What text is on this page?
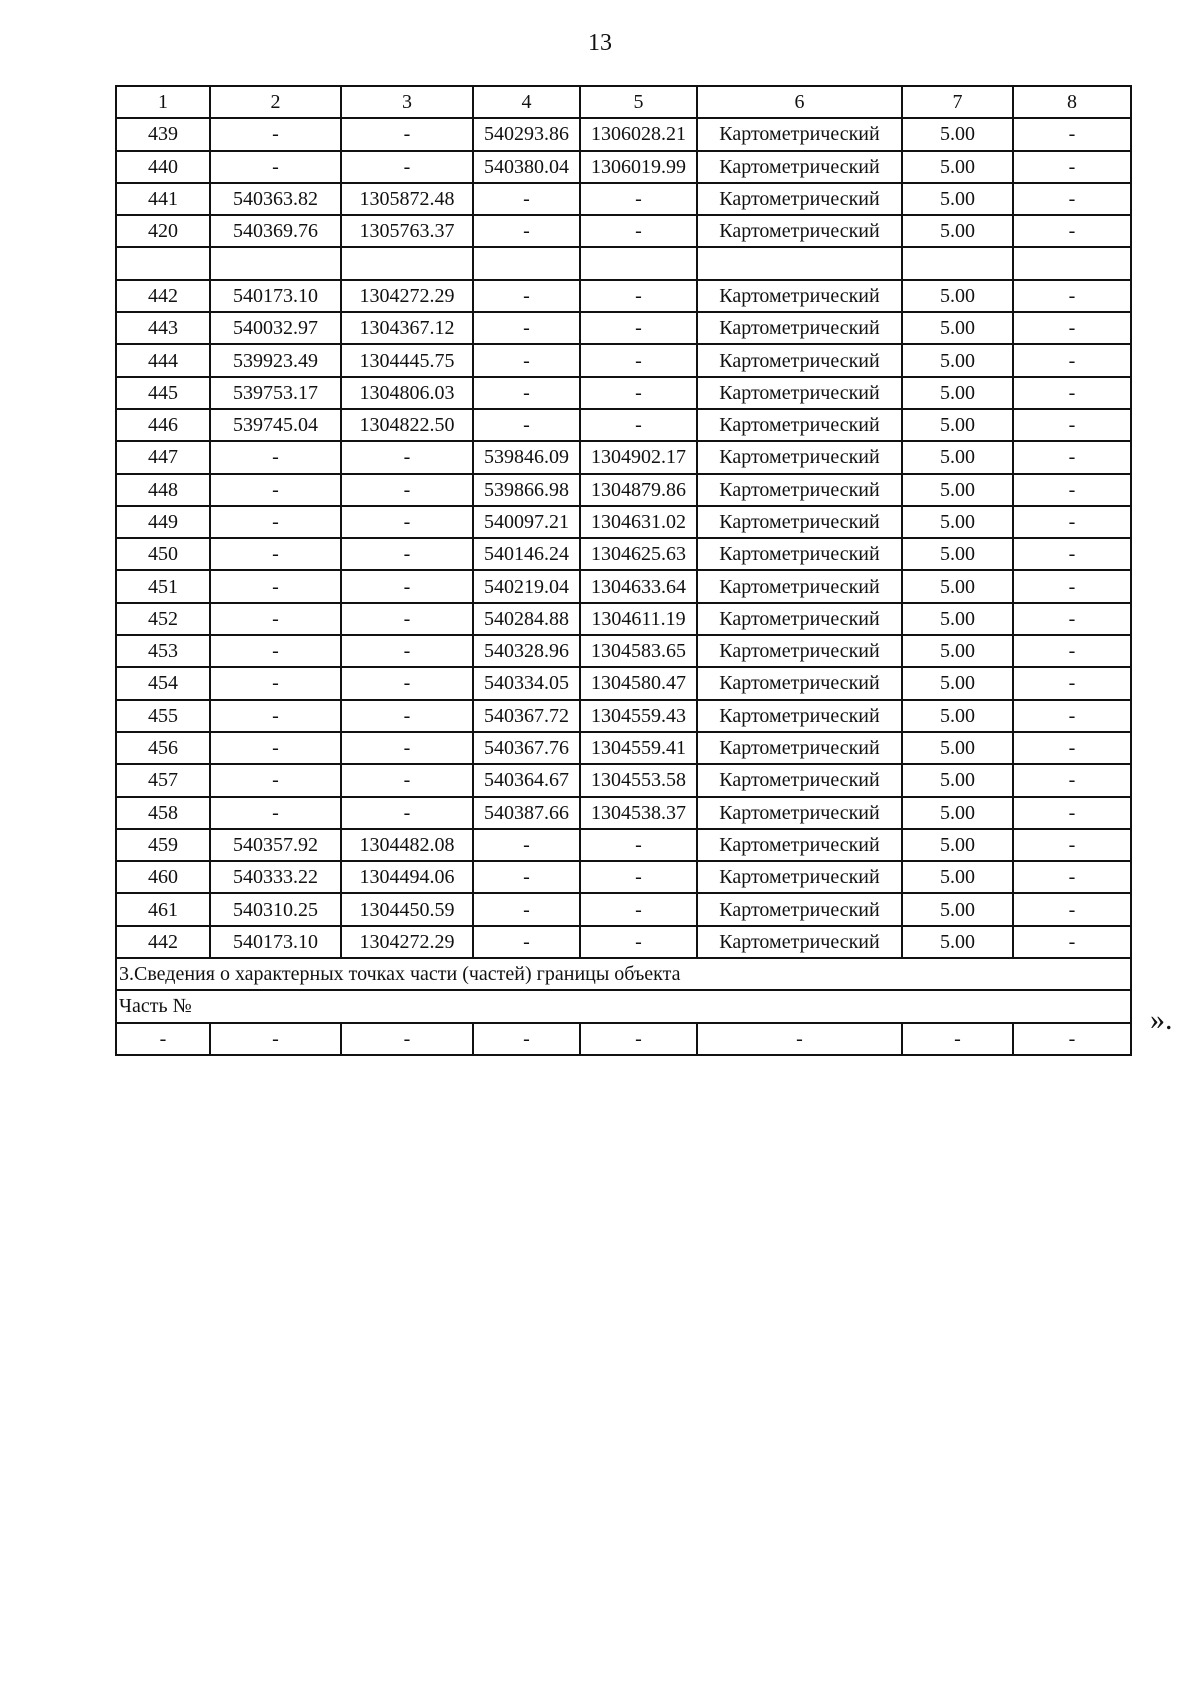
13
1	2	3	4	5	6	7	8
439	-	-	540293.86	1306028.21	Картометрический	5.00	-
440	-	-	540380.04	1306019.99	Картометрический	5.00	-
441	540363.82	1305872.48	-	-	Картометрический	5.00	-
420	540369.76	1305763.37	-	-	Картометрический	5.00	-

442	540173.10	1304272.29	-	-	Картометрический	5.00	-
443	540032.97	1304367.12	-	-	Картометрический	5.00	-
444	539923.49	1304445.75	-	-	Картометрический	5.00	-
445	539753.17	1304806.03	-	-	Картометрический	5.00	-
446	539745.04	1304822.50	-	-	Картометрический	5.00	-
447	-	-	539846.09	1304902.17	Картометрический	5.00	-
448	-	-	539866.98	1304879.86	Картометрический	5.00	-
449	-	-	540097.21	1304631.02	Картометрический	5.00	-
450	-	-	540146.24	1304625.63	Картометрический	5.00	-
451	-	-	540219.04	1304633.64	Картометрический	5.00	-
452	-	-	540284.88	1304611.19	Картометрический	5.00	-
453	-	-	540328.96	1304583.65	Картометрический	5.00	-
454	-	-	540334.05	1304580.47	Картометрический	5.00	-
455	-	-	540367.72	1304559.43	Картометрический	5.00	-
456	-	-	540367.76	1304559.41	Картометрический	5.00	-
457	-	-	540364.67	1304553.58	Картометрический	5.00	-
458	-	-	540387.66	1304538.37	Картометрический	5.00	-
459	540357.92	1304482.08	-	-	Картометрический	5.00	-
460	540333.22	1304494.06	-	-	Картометрический	5.00	-
461	540310.25	1304450.59	-	-	Картометрический	5.00	-
442	540173.10	1304272.29	-	-	Картометрический	5.00	-
3.Сведения о характерных точках части (частей) границы объекта							
Часть №							
-	-	-	-	-	-	-	-
».
